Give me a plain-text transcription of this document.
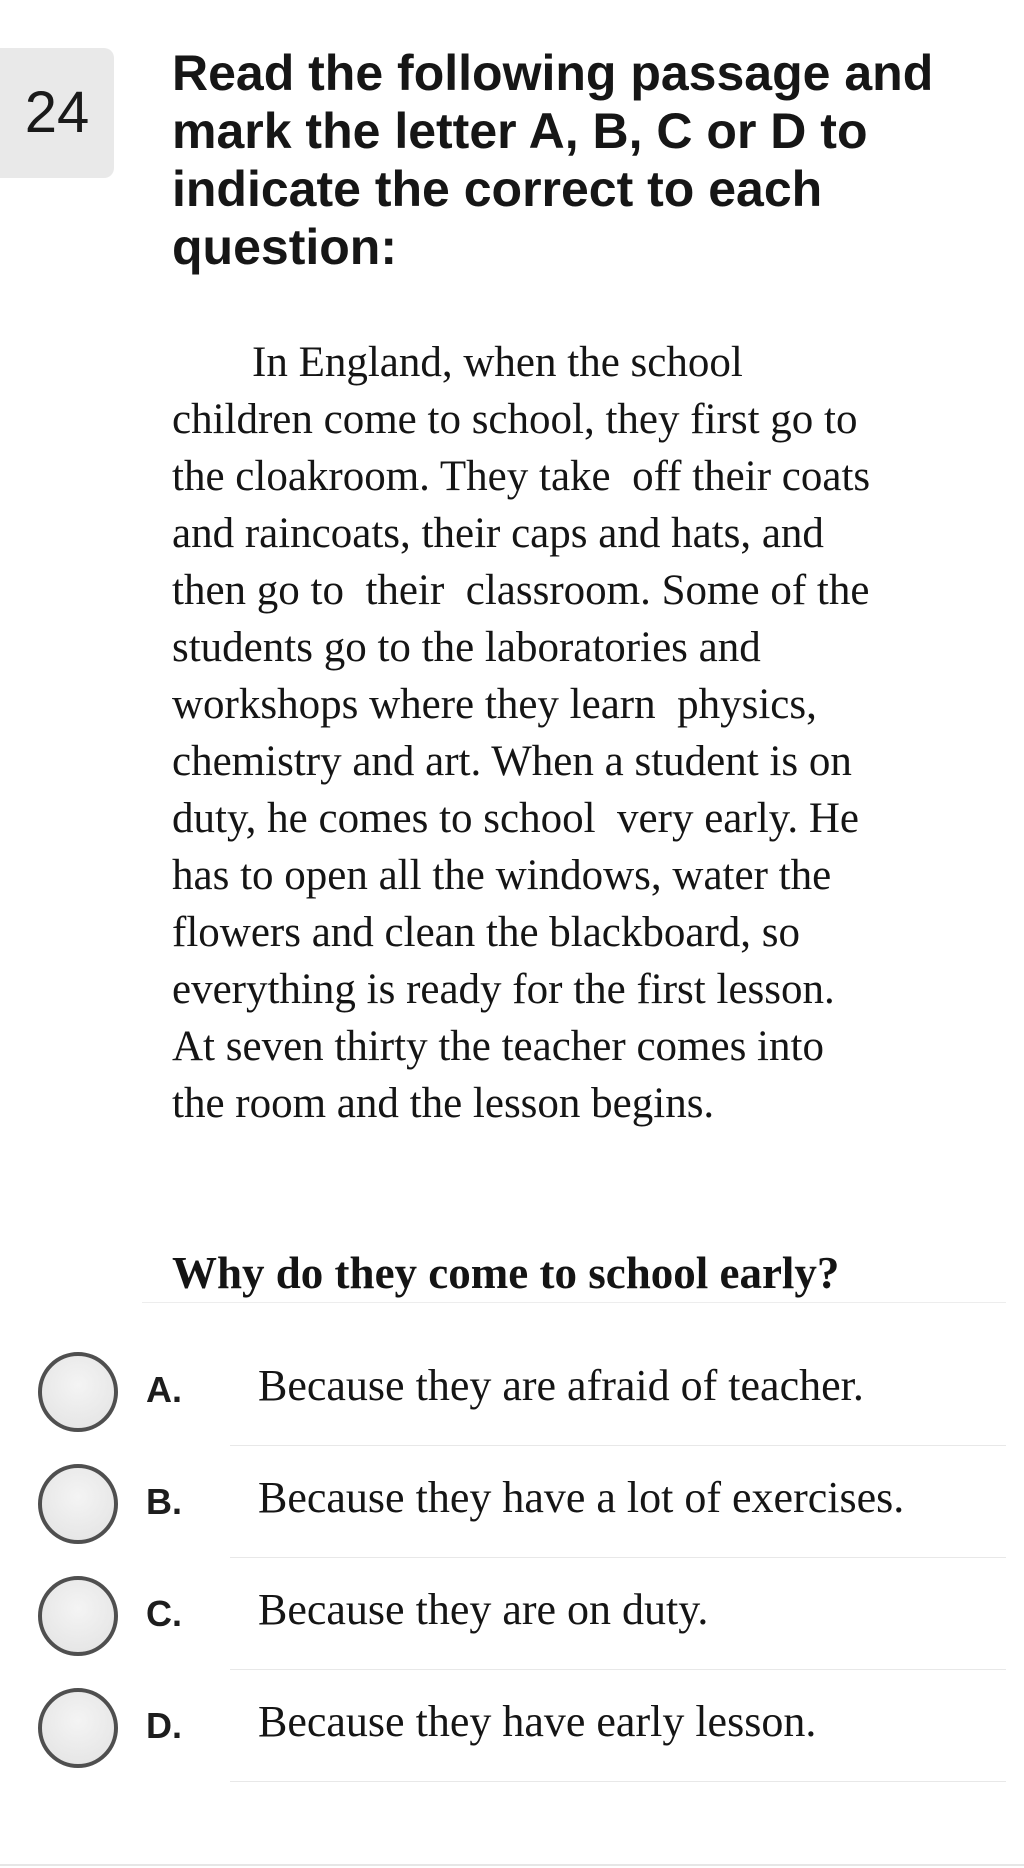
24

Read the following passage and mark the letter A, B, C or D to indicate the correct to each question:

In England, when the school
children come to school, they first go to
the cloakroom. They take  off their coats
and raincoats, their caps and hats, and
then go to  their  classroom. Some of the
students go to the laboratories and
workshops where they learn  physics,
chemistry and art. When a student is on
duty, he comes to school  very early. He
has to open all the windows, water the
flowers and clean the blackboard, so
everything is ready for the first lesson.
At seven thirty the teacher comes into
the room and the lesson begins.

Why do they come to school early?

A. Because they are afraid of teacher.
B. Because they have a lot of exercises.
C. Because they are on duty.
D. Because they have early lesson.
